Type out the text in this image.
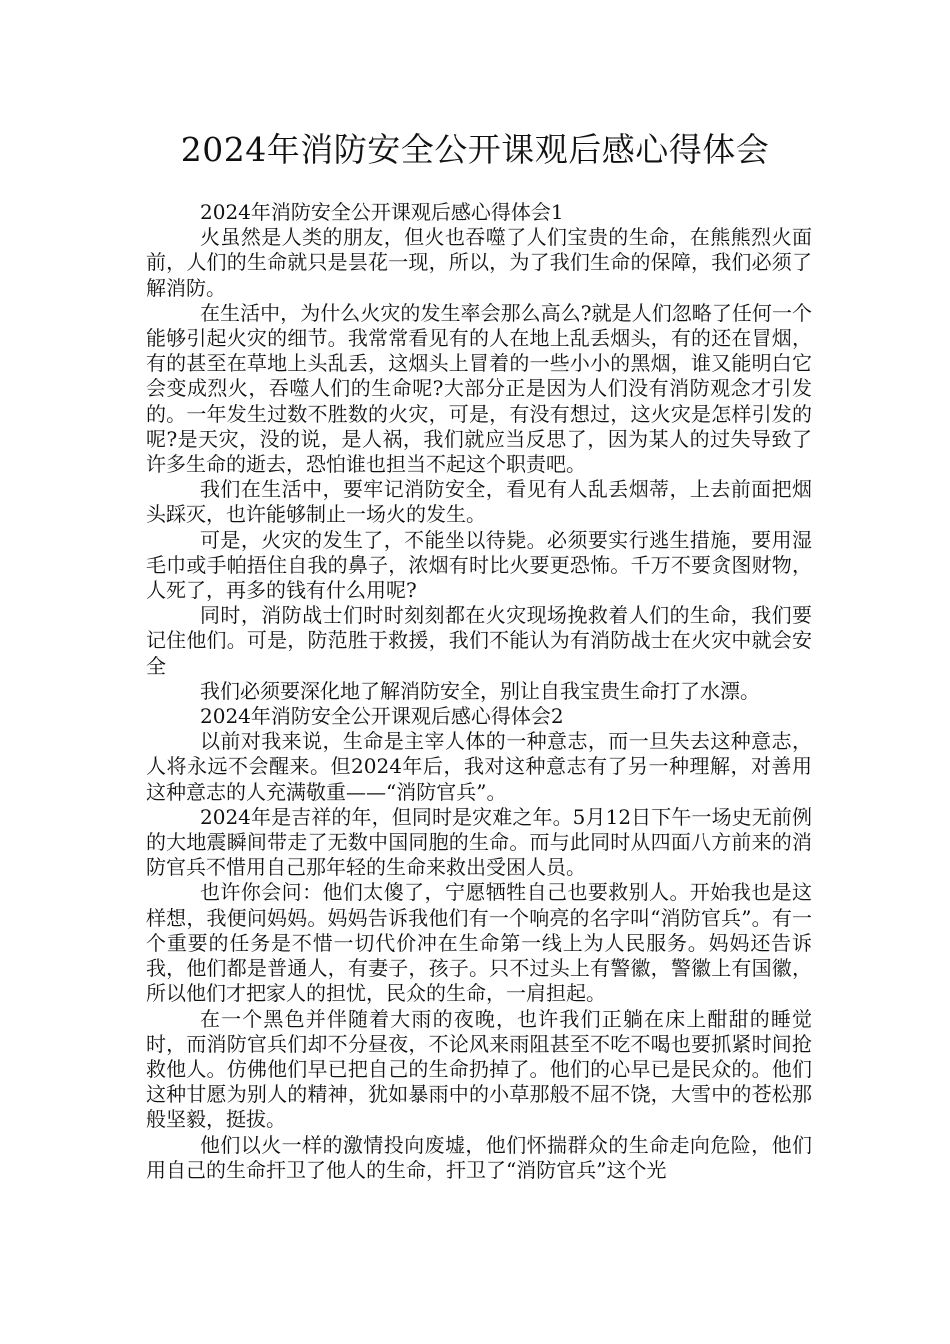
2024年消防安全公开课观后感心得体会

2024年消防安全公开课观后感心得体会1

火虽然是人类的朋友，但火也吞噬了人们宝贵的生命，在熊熊烈火面前，人们的生命就只是昙花一现，所以，为了我们生命的保障，我们必须了解消防。

在生活中，为什么火灾的发生率会那么高么?就是人们忽略了任何一个能够引起火灾的细节。我常常看见有的人在地上乱丢烟头，有的还在冒烟，有的甚至在草地上头乱丢，这烟头上冒着的一些小小的黑烟，谁又能明白它会变成烈火，吞噬人们的生命呢?大部分正是因为人们没有消防观念才引发的。一年发生过数不胜数的火灾，可是，有没有想过，这火灾是怎样引发的呢?是天灾，没的说，是人祸，我们就应当反思了，因为某人的过失导致了许多生命的逝去，恐怕谁也担当不起这个职责吧。

我们在生活中，要牢记消防安全，看见有人乱丢烟蒂，上去前面把烟头踩灭，也许能够制止一场火的发生。

可是，火灾的发生了，不能坐以待毙。必须要实行逃生措施，要用湿毛巾或手帕捂住自我的鼻子，浓烟有时比火要更恐怖。千万不要贪图财物，人死了，再多的钱有什么用呢?

同时，消防战士们时时刻刻都在火灾现场挽救着人们的生命，我们要记住他们。可是，防范胜于救援，我们不能认为有消防战士在火灾中就会安全

我们必须要深化地了解消防安全，别让自我宝贵生命打了水漂。

2024年消防安全公开课观后感心得体会2

以前对我来说，生命是主宰人体的一种意志，而一旦失去这种意志，人将永远不会醒来。但2024年后，我对这种意志有了另一种理解，对善用这种意志的人充满敬重——“消防官兵”。

2024年是吉祥的年，但同时是灾难之年。5月12日下午一场史无前例的大地震瞬间带走了无数中国同胞的生命。而与此同时从四面八方前来的消防官兵不惜用自己那年轻的生命来救出受困人员。

也许你会问：他们太傻了，宁愿牺牲自己也要救别人。开始我也是这样想，我便问妈妈。妈妈告诉我他们有一个响亮的名字叫“消防官兵”。有一个重要的任务是不惜一切代价冲在生命第一线上为人民服务。妈妈还告诉我，他们都是普通人，有妻子，孩子。只不过头上有警徽，警徽上有国徽，所以他们才把家人的担忧，民众的生命，一肩担起。

在一个黑色并伴随着大雨的夜晚，也许我们正躺在床上酣甜的睡觉时，而消防官兵们却不分昼夜，不论风来雨阻甚至不吃不喝也要抓紧时间抢救他人。仿佛他们早已把自己的生命扔掉了。他们的心早已是民众的。他们这种甘愿为别人的精神，犹如暴雨中的小草那般不屈不饶，大雪中的苍松那般坚毅，挺拔。

他们以火一样的激情投向废墟，他们怀揣群众的生命走向危险，他们用自己的生命扞卫了他人的生命，扞卫了“消防官兵”这个光
